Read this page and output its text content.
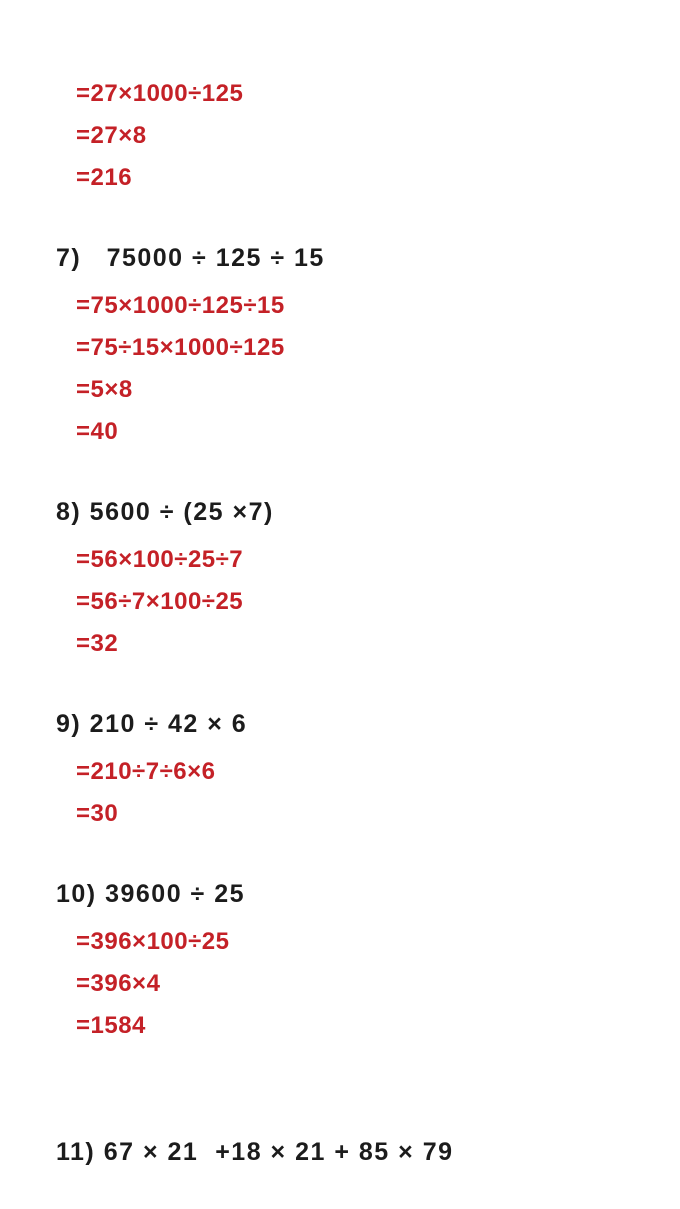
=27×1000÷125
=27×8
=216
7)   75000 ÷ 125 ÷ 15
=75×1000÷125÷15
=75÷15×1000÷125
=5×8
=40
8) 5600 ÷ (25 ×7)
=56×100÷25÷7
=56÷7×100÷25
=32
9) 210 ÷ 42 × 6
=210÷7÷6×6
=30
10) 39600 ÷ 25
=396×100÷25
=396×4
=1584
11) 67 × 21  +18 × 21 + 85 × 79
